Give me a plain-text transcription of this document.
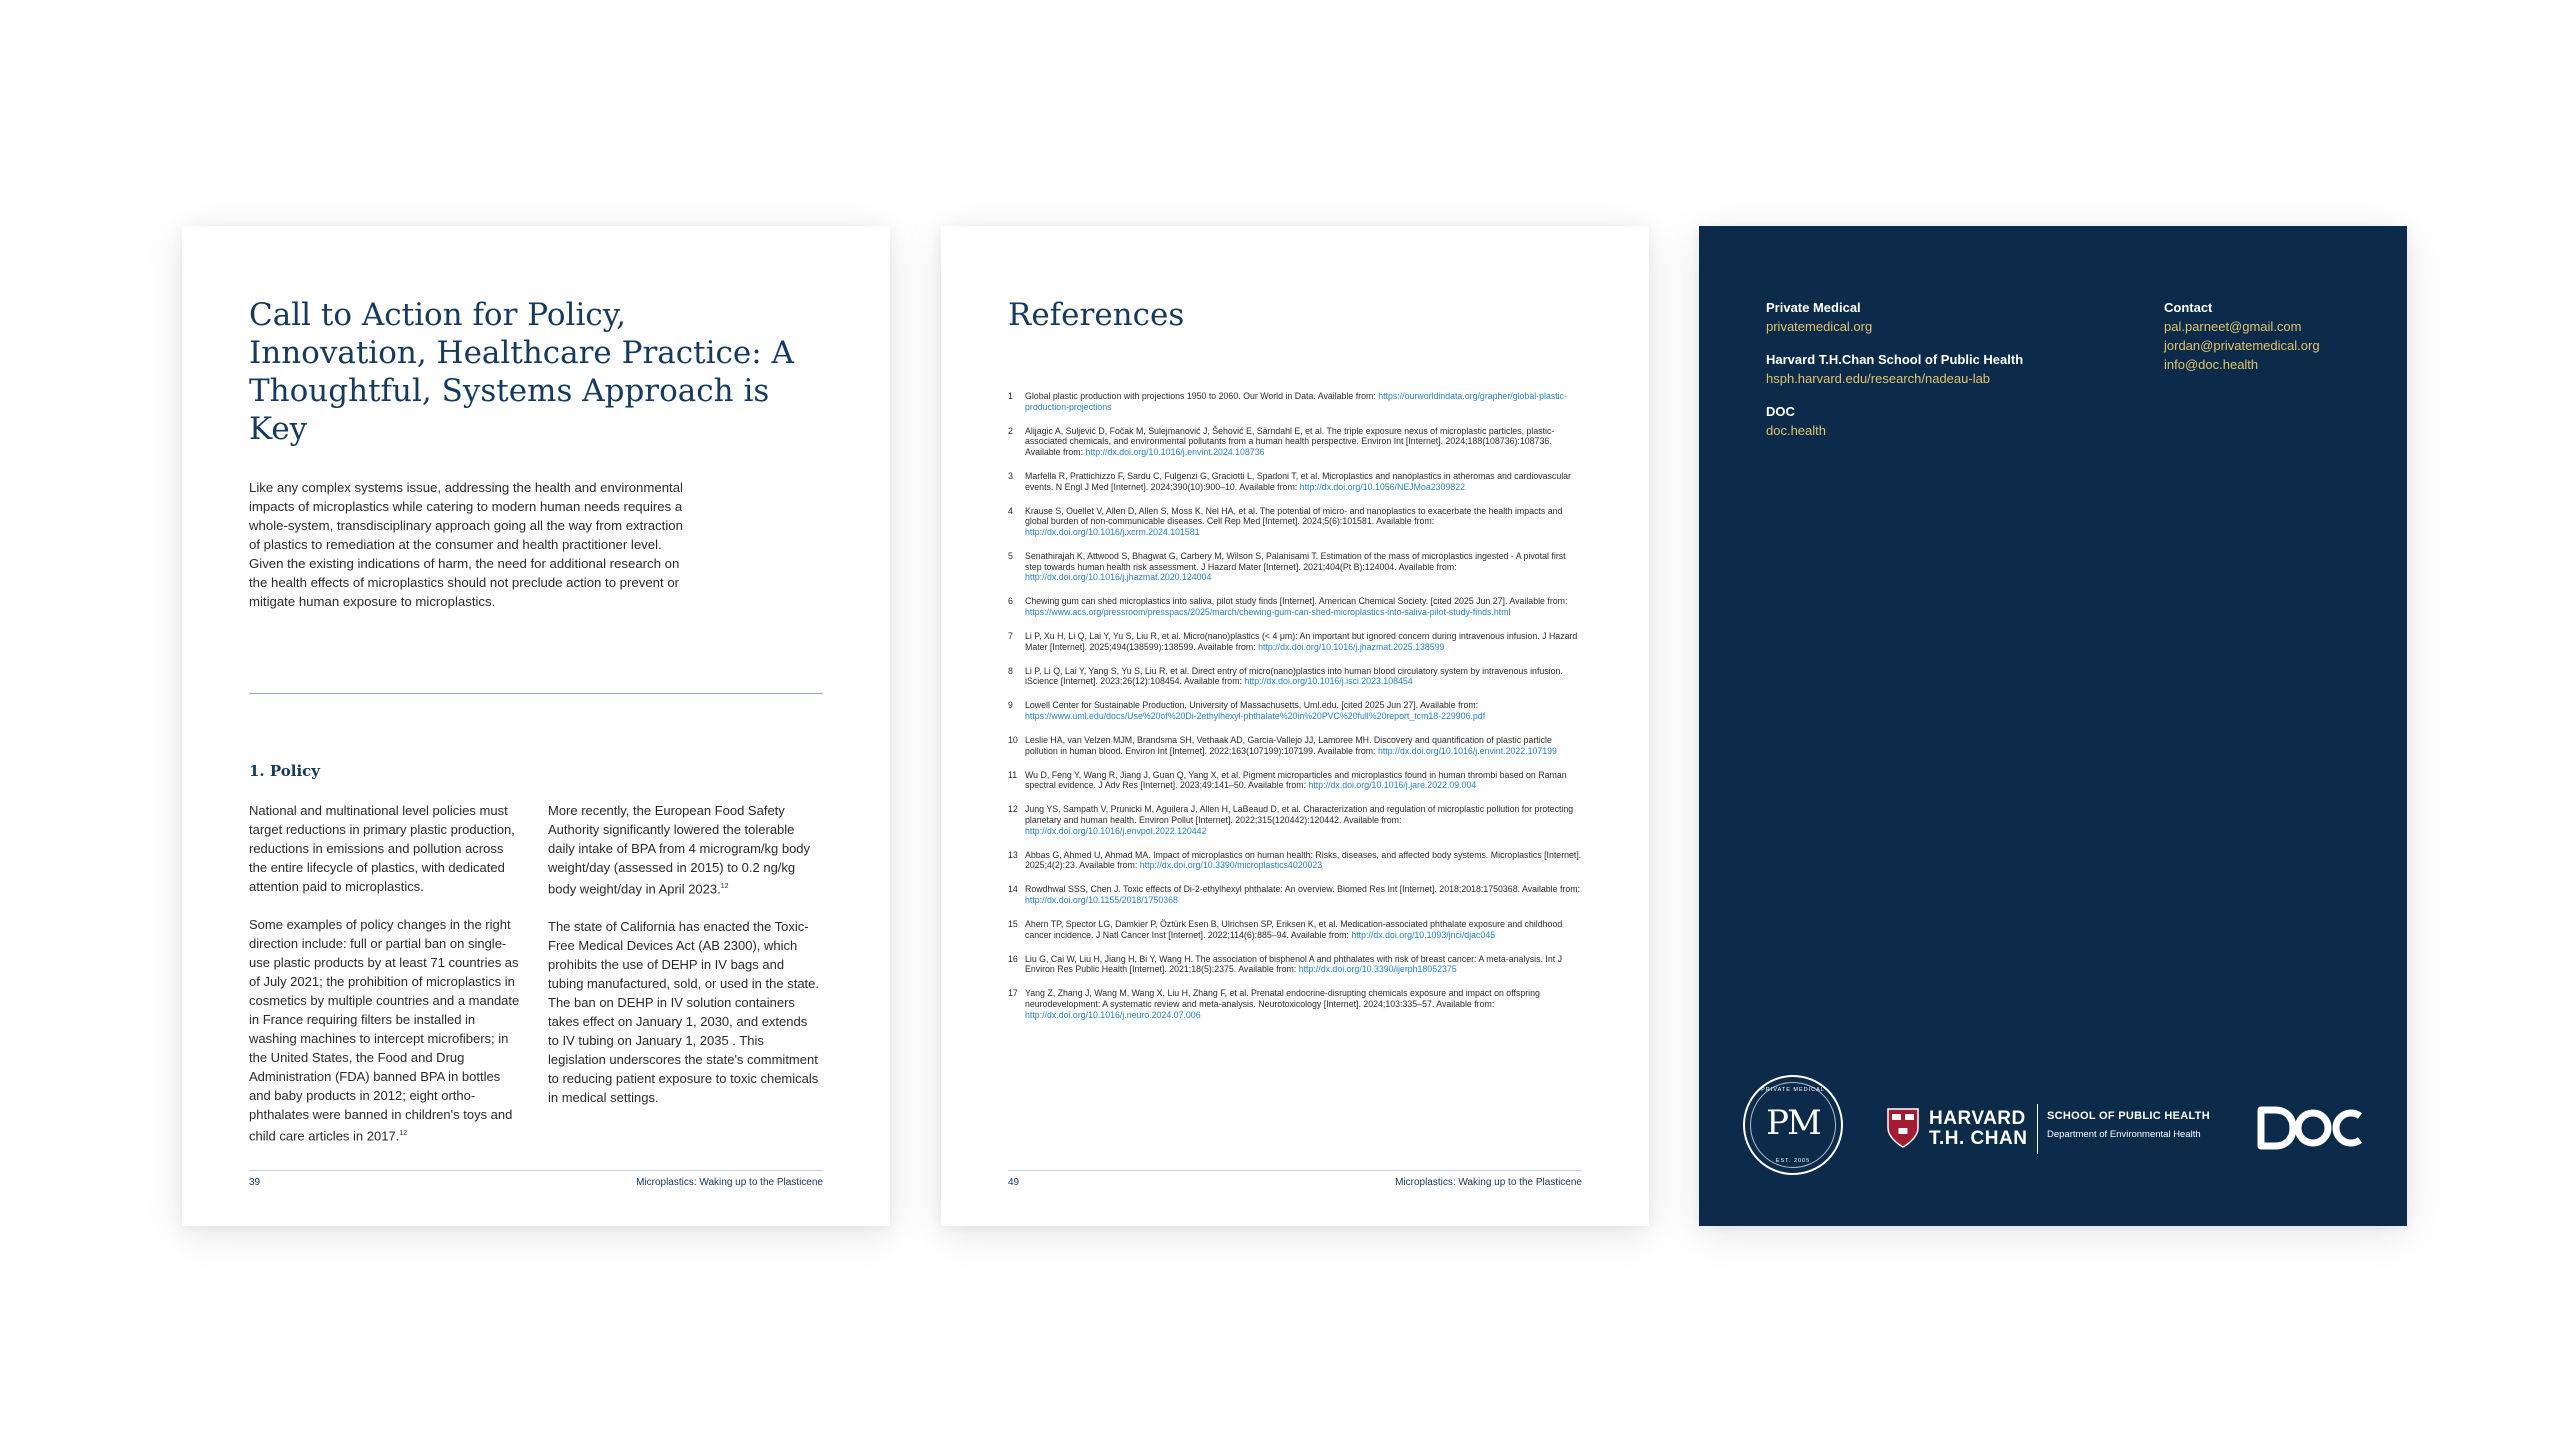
Call to Action for Policy, Innovation, Healthcare Practice: A Thoughtful, Systems Approach is Key

Like any complex systems issue, addressing the health and environmental impacts of microplastics while catering to modern human needs requires a whole-system, transdisciplinary approach going all the way from extraction of plastics to remediation at the consumer and health practitioner level. Given the existing indications of harm, the need for additional research on the health effects of microplastics should not preclude action to prevent or mitigate human exposure to microplastics.

1. Policy

National and multinational level policies must target reductions in primary plastic production, reductions in emissions and pollution across the entire lifecycle of plastics, with dedicated attention paid to microplastics.

Some examples of policy changes in the right direction include: full or partial ban on single-use plastic products by at least 71 countries as of July 2021; the prohibition of microplastics in cosmetics by multiple countries and a mandate in France requiring filters be installed in washing machines to intercept microfibers; in the United States, the Food and Drug Administration (FDA) banned BPA in bottles and baby products in 2012; eight ortho-phthalates were banned in children's toys and child care articles in 2017.12

More recently, the European Food Safety Authority significantly lowered the tolerable daily intake of BPA from 4 microgram/kg body weight/day (assessed in 2015) to 0.2 ng/kg body weight/day in April 2023.12

The state of California has enacted the Toxic-Free Medical Devices Act (AB 2300), which prohibits the use of DEHP in IV bags and tubing manufactured, sold, or used in the state. The ban on DEHP in IV solution containers takes effect on January 1, 2030, and extends to IV tubing on January 1, 2035 . This legislation underscores the state's commitment to reducing patient exposure to toxic chemicals in medical settings.

39	Microplastics: Waking up to the Plasticene
References
1 Global plastic production with projections 1950 to 2060. Our World in Data. Available from: https://ourworldindata.org/grapher/global-plastic-production-projections
2 Alijagic A, Suljević D, Fočak M, Sulejmanović J, Šehović E, Särndahl E, et al. The triple exposure nexus of microplastic particles, plastic-associated chemicals, and environmental pollutants from a human health perspective. Environ Int [Internet]. 2024;188(108736):108736. Available from: http://dx.doi.org/10.1016/j.envint.2024.108736
3 Marfella R, Prattichizzo F, Sardu C, Fulgenzi G, Graciotti L, Spadoni T, et al. Microplastics and nanoplastics in atheromas and cardiovascular events. N Engl J Med [Internet]. 2024;390(10):900–10. Available from: http://dx.doi.org/10.1056/NEJMoa2309822
4 Krause S, Ouellet V, Allen D, Allen S, Moss K, Nel HA, et al. The potential of micro- and nanoplastics to exacerbate the health impacts and global burden of non-communicable diseases. Cell Rep Med [Internet]. 2024;5(6):101581. Available from: http://dx.doi.org/10.1016/j.xcrm.2024.101581
5 Senathirajah K, Attwood S, Bhagwat G, Carbery M, Wilson S, Palanisami T. Estimation of the mass of microplastics ingested - A pivotal first step towards human health risk assessment. J Hazard Mater [Internet]. 2021;404(Pt B):124004. Available from: http://dx.doi.org/10.1016/j.jhazmat.2020.124004
6 Chewing gum can shed microplastics into saliva, pilot study finds [Internet]. American Chemical Society. [cited 2025 Jun 27]. Available from: https://www.acs.org/pressroom/presspacs/2025/march/chewing-gum-can-shed-microplastics-into-saliva-pilot-study-finds.html
7 Li P, Xu H, Li Q, Lai Y, Yu S, Liu R, et al. Micro(nano)plastics (< 4 μm): An important but ignored concern during intravenous infusion. J Hazard Mater [Internet]. 2025;494(138599):138599. Available from: http://dx.doi.org/10.1016/j.jhazmat.2025.138599
8 Li P, Li Q, Lai Y, Yang S, Yu S, Liu R, et al. Direct entry of micro(nano)plastics into human blood circulatory system by intravenous infusion. iScience [Internet]. 2023;26(12):108454. Available from: http://dx.doi.org/10.1016/j.isci.2023.108454
9 Lowell Center for Sustainable Production, University of Massachusetts, Uml.edu. [cited 2025 Jun 27]. Available from: https://www.uml.edu/docs/Use%20of%20Di-2ethylhexyl-phthalate%20in%20PVC%20full%20report_tcm18-229906.pdf
10 Leslie HA, van Velzen MJM, Brandsma SH, Vethaak AD, Garcia-Vallejo JJ, Lamoree MH. Discovery and quantification of plastic particle pollution in human blood. Environ Int [Internet]. 2022;163(107199):107199. Available from: http://dx.doi.org/10.1016/j.envint.2022.107199
11 Wu D, Feng Y, Wang R, Jiang J, Guan Q, Yang X, et al. Pigment microparticles and microplastics found in human thrombi based on Raman spectral evidence. J Adv Res [Internet]. 2023;49:141–50. Available from: http://dx.doi.org/10.1016/j.jare.2022.09.004
12 Jung YS, Sampath V, Prunicki M, Aguilera J, Allen H, LaBeaud D, et al. Characterization and regulation of microplastic pollution for protecting planetary and human health. Environ Pollut [Internet]. 2022;315(120442):120442. Available from: http://dx.doi.org/10.1016/j.envpol.2022.120442
13 Abbas G, Ahmed U, Ahmad MA. Impact of microplastics on human health: Risks, diseases, and affected body systems. Microplastics [Internet]. 2025;4(2):23. Available from: http://dx.doi.org/10.3390/microplastics4020023
14 Rowdhwal SSS, Chen J. Toxic effects of Di-2-ethylhexyl phthalate: An overview. Biomed Res Int [Internet]. 2018;2018:1750368. Available from: http://dx.doi.org/10.1155/2018/1750368
15 Ahern TP, Spector LG, Damkier P, Öztürk Esen B, Ulrichsen SP, Eriksen K, et al. Medication-associated phthalate exposure and childhood cancer incidence. J Natl Cancer Inst [Internet]. 2022;114(6):885–94. Available from: http://dx.doi.org/10.1093/jnci/djac045
16 Liu G, Cai W, Liu H, Jiang H, Bi Y, Wang H. The association of bisphenol A and phthalates with risk of breast cancer: A meta-analysis. Int J Environ Res Public Health [Internet]. 2021;18(5):2375. Available from: http://dx.doi.org/10.3390/ijerph18052375
17 Yang Z, Zhang J, Wang M, Wang X, Liu H, Zhang F, et al. Prenatal endocrine-disrupting chemicals exposure and impact on offspring neurodevelopment: A systematic review and meta-analysis. Neurotoxicology [Internet]. 2024;103:335–57. Available from: http://dx.doi.org/10.1016/j.neuro.2024.07.006
49	Microplastics: Waking up to the Plasticene
Private Medical
privatemedical.org
Harvard T.H.Chan School of Public Health
hsph.harvard.edu/research/nadeau-lab
DOC
doc.health
Contact
pal.parneet@gmail.com
jordan@privatemedical.org
info@doc.health
PRIVATE MEDICAL
PM
EST. 2005
HARVARD
T.H. CHAN
SCHOOL OF PUBLIC HEALTH
Department of Environmental Health
